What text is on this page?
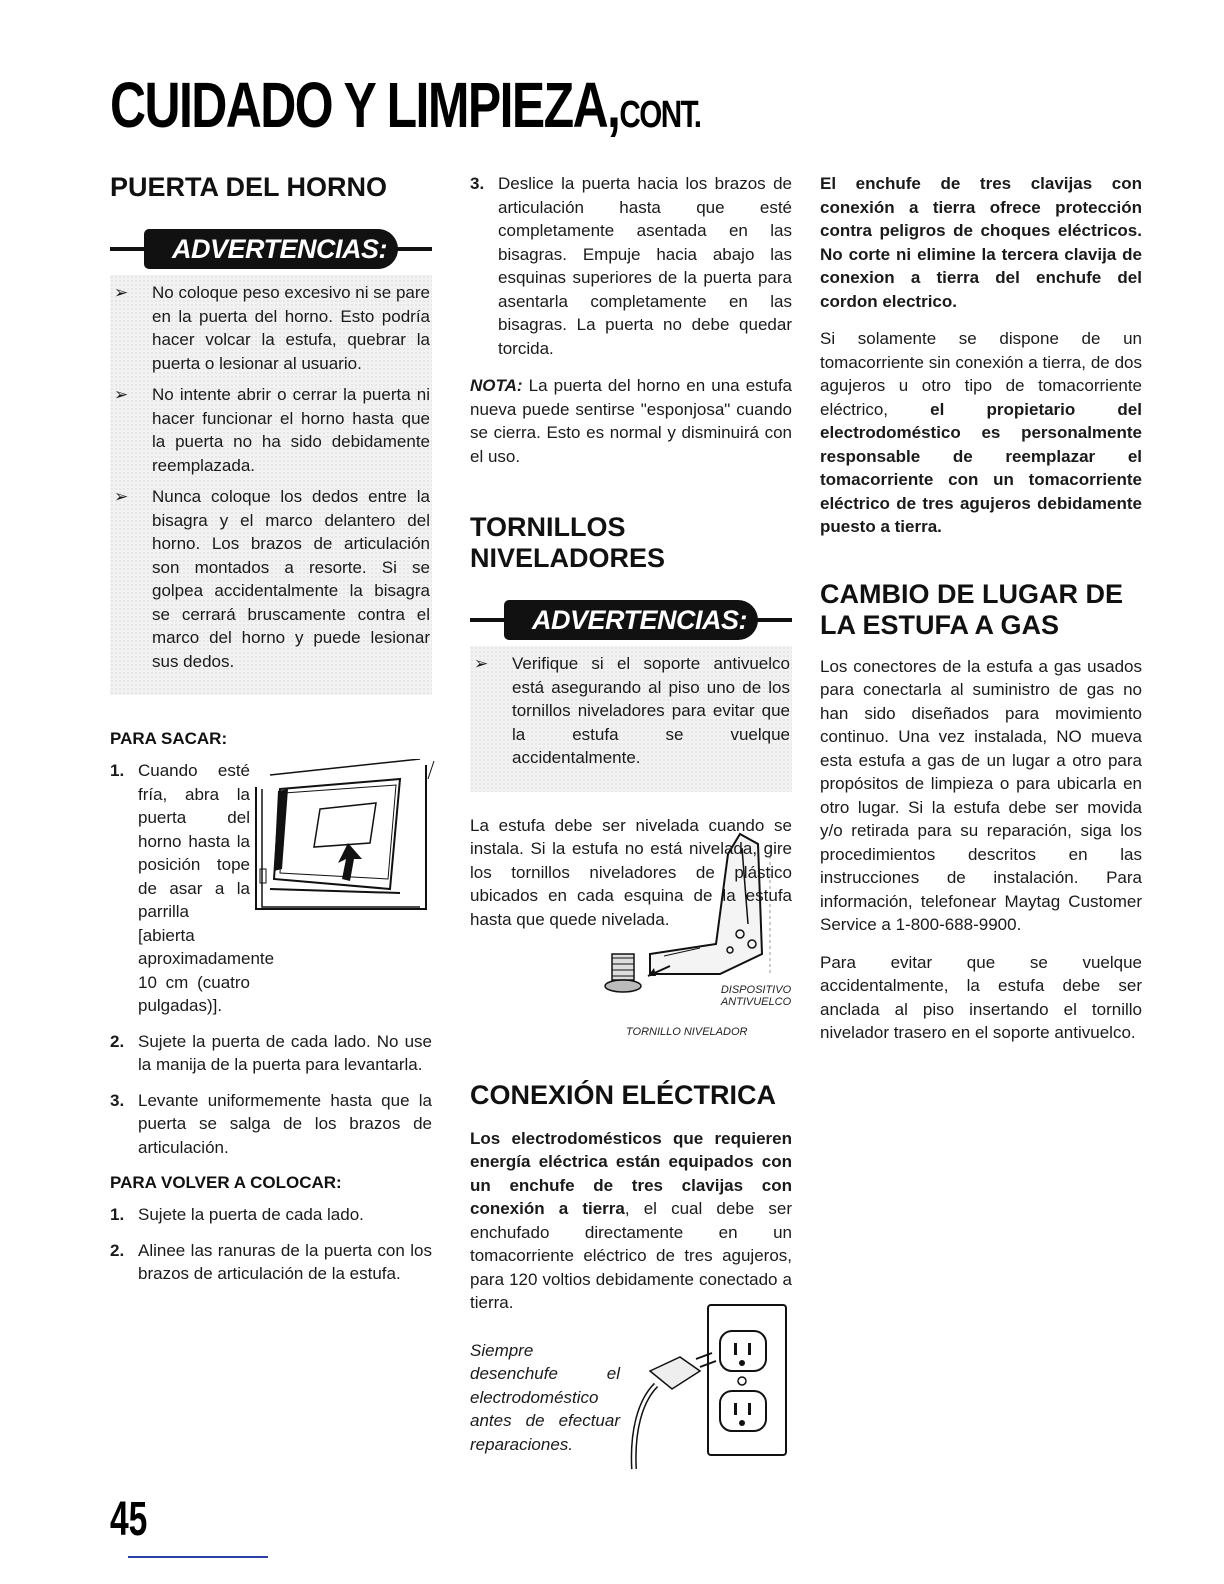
CUIDADO Y LIMPIEZA,CONT.
PUERTA DEL HORNO
ADVERTENCIAS:
➢ No coloque peso excesivo ni se pare en la puerta del horno. Esto podría hacer volcar la estufa, quebrar la puerta o lesionar al usuario.
➢ No intente abrir o cerrar la puerta ni hacer funcionar el horno hasta que la puerta no ha sido debidamente reemplazada.
➢ Nunca coloque los dedos entre la bisagra y el marco delantero del horno. Los brazos de articulación son montados a resorte. Si se golpea accidentalmente la bisagra se cerrará bruscamente contra el marco del horno y puede lesionar sus dedos.
PARA SACAR:
1. Cuando esté fría, abra la puerta del horno hasta la posición tope de asar a la parrilla [abierta aproximadamente 10 cm (cuatro pulgadas)].
2. Sujete la puerta de cada lado. No use la manija de la puerta para levantarla.
3. Levante uniformemente hasta que la puerta se salga de los brazos de articulación.
PARA VOLVER A COLOCAR:
1. Sujete la puerta de cada lado.
2. Alinee las ranuras de la puerta con los brazos de articulación de la estufa.
3. Deslice la puerta hacia los brazos de articulación hasta que esté completamente asentada en las bisagras. Empuje hacia abajo las esquinas superiores de la puerta para asentarla completamente en las bisagras. La puerta no debe quedar torcida.

NOTA: La puerta del horno en una estufa nueva puede sentirse "esponjosa" cuando se cierra. Esto es normal y disminuirá con el uso.

TORNILLOS NIVELADORES
ADVERTENCIAS:
➢ Verifique si el soporte antivuelco está asegurando al piso uno de los tornillos niveladores para evitar que la estufa se vuelque accidentalmente.

La estufa debe ser nivelada cuando se instala. Si la estufa no está nivelada, gire los tornillos niveladores de plástico ubicados en cada esquina de la estufa hasta que quede nivelada.

DISPOSITIVO ANTIVUELCO
TORNILLO NIVELADOR
CONEXIÓN ELÉCTRICA

Los electrodomésticos que requieren energía eléctrica están equipados con un enchufe de tres clavijas con conexión a tierra, el cual debe ser enchufado directamente en un tomacorriente eléctrico de tres agujeros, para 120 voltios debidamente conectado a tierra.

Siempre desenchufe el electrodoméstico antes de efectuar reparaciones.

El enchufe de tres clavijas con conexión a tierra ofrece protección contra peligros de choques eléctricos. No corte ni elimine la tercera clavija de conexion a tierra del enchufe del cordon electrico.

Si solamente se dispone de un tomacorriente sin conexión a tierra, de dos agujeros u otro tipo de tomacorriente eléctrico, el propietario del electrodoméstico es personalmente responsable de reemplazar el tomacorriente con un tomacorriente eléctrico de tres agujeros debidamente puesto a tierra.

CAMBIO DE LUGAR DE LA ESTUFA A GAS

Los conectores de la estufa a gas usados para conectarla al suministro de gas no han sido diseñados para movimiento continuo. Una vez instalada, NO mueva esta estufa a gas de un lugar a otro para propósitos de limpieza o para ubicarla en otro lugar. Si la estufa debe ser movida y/o retirada para su reparación, siga los procedimientos descritos en las instrucciones de instalación. Para información, telefonear Maytag Customer Service a 1-800-688-9900.

Para evitar que se vuelque accidentalmente, la estufa debe ser anclada al piso insertando el tornillo nivelador trasero en el soporte antivuelco.

45
